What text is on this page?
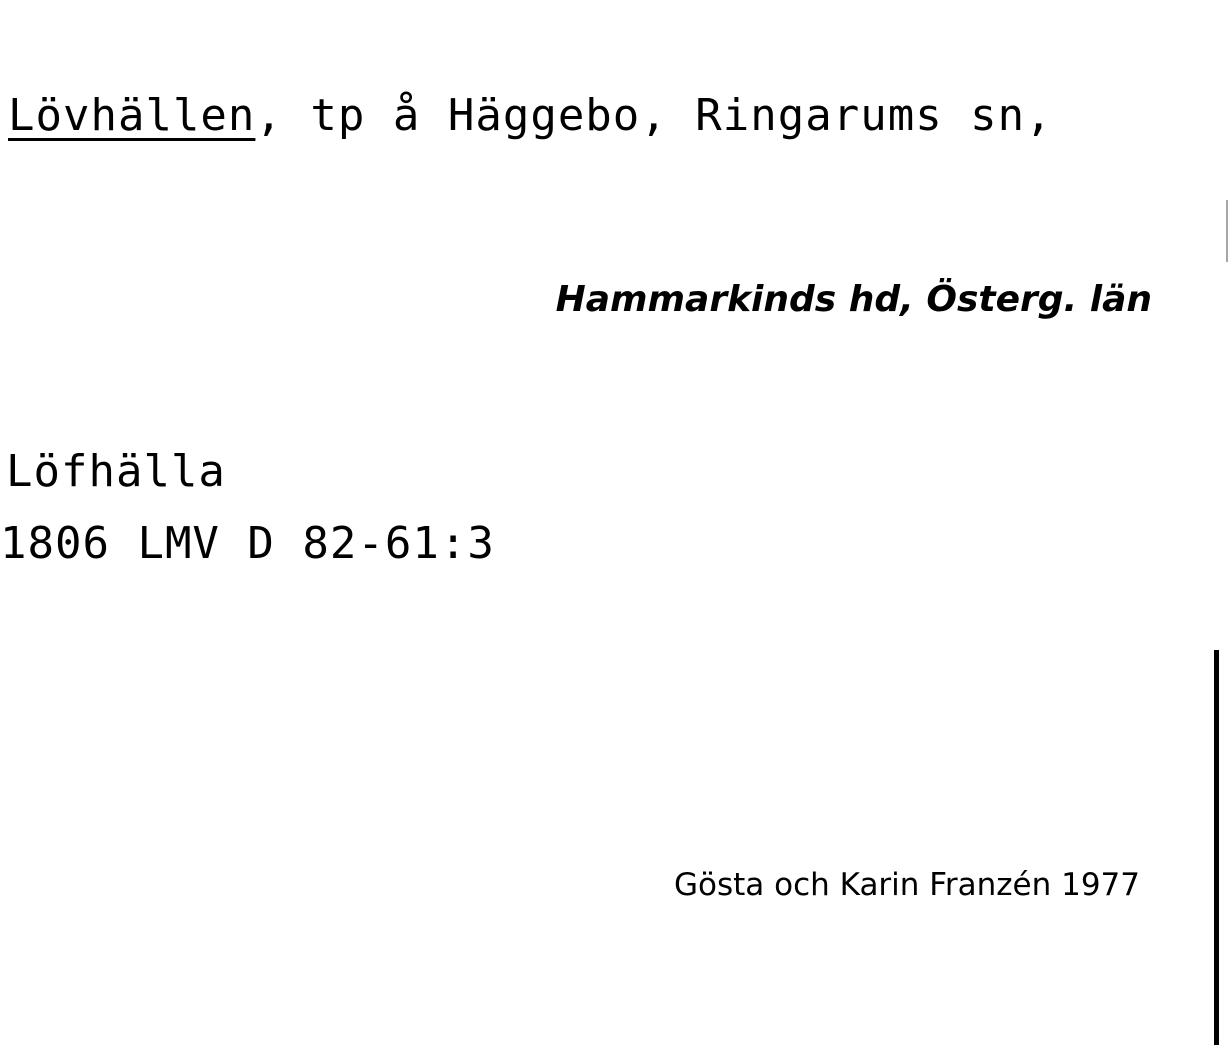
Lövhällen, tp å Häggebo, Ringarums sn,
Hammarkinds hd, Österg. län
Löfhälla
1806 LMV D 82-61:3
Gösta och Karin Franzén 1977
